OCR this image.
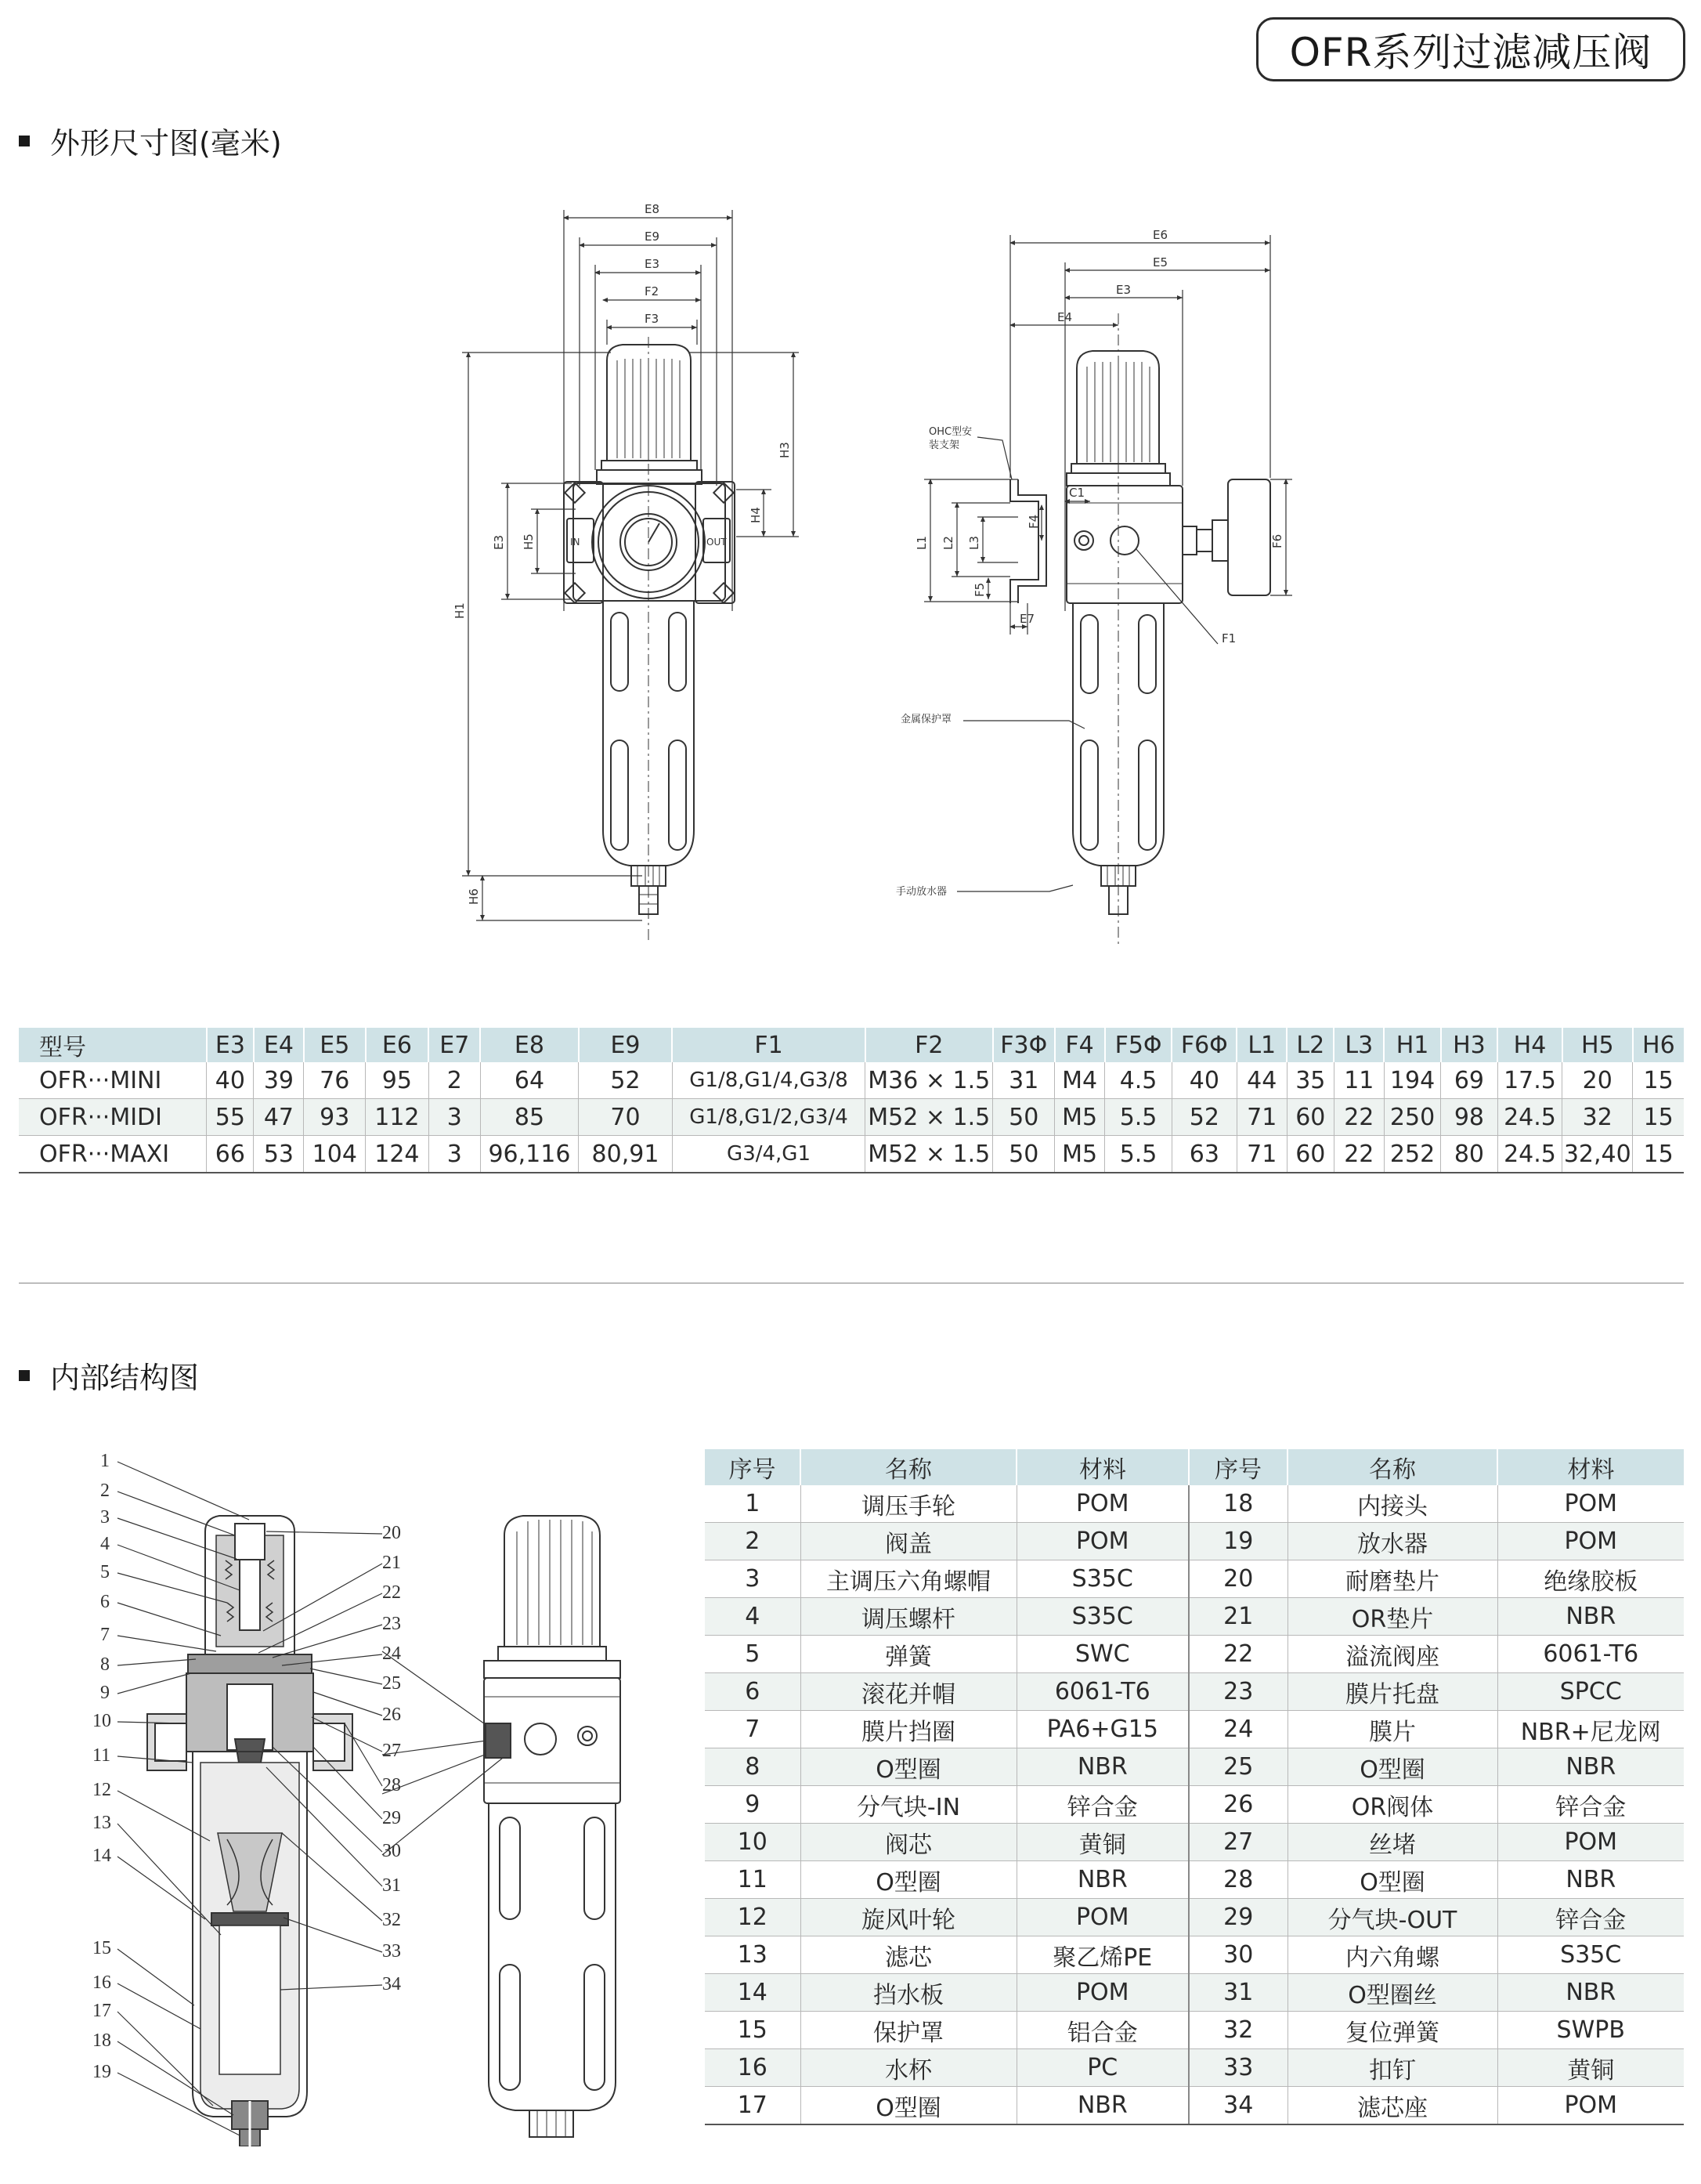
OFR系列过滤减压阀
外形尺寸图(毫米)
E8
E9
E3
F2
F3
H3
H4
H5
E3
H1
H6
IN	OUT
E6
E5
E3
E4
C1
F4
L1 L2 L3
F5
E7
F6
F1
OHC型安
装支架
金属保护罩
手动放水器
型号	E3	E4	E5	E6	E7	E8	E9	F1	F2	F3Φ	F4	F5Φ	F6Φ	L1	L2	L3	H1	H3	H4	H5	H6
OFR···MINI	40	39	76	95	2	64	52	G1/8,G1/4,G3/8	M36 × 1.5	31	M4	4.5	40	44	35	11	194	69	17.5	20	15
OFR···MIDI	55	47	93	112	3	85	70	G1/8,G1/2,G3/4	M52 × 1.5	50	M5	5.5	52	71	60	22	250	98	24.5	32	15
OFR···MAXI	66	53	104	124	3	96,116	80,91	G3/4,G1	M52 × 1.5	50	M5	5.5	63	71	60	22	252	80	24.5	32,40	15
内部结构图
1
2
3
4
5
6
7
8
9
10
11
12
13
14
15
16
17
18
19
20
21
22
23
24
25
26
27
28
29
30
31
32
33
34
序号	名称	材料	序号	名称	材料
1	调压手轮	POM	18	内接头	POM
2	阀盖	POM	19	放水器	POM
3	主调压六角螺帽	S35C	20	耐磨垫片	绝缘胶板
4	调压螺杆	S35C	21	OR垫片	NBR
5	弹簧	SWC	22	溢流阀座	6061-T6
6	滚花并帽	6061-T6	23	膜片托盘	SPCC
7	膜片挡圈	PA6+G15	24	膜片	NBR+尼龙网
8	O型圈	NBR	25	O型圈	NBR
9	分气块-IN	锌合金	26	OR阀体	锌合金
10	阀芯	黄铜	27	丝堵	POM
11	O型圈	NBR	28	O型圈	NBR
12	旋风叶轮	POM	29	分气块-OUT	锌合金
13	滤芯	聚乙烯PE	30	内六角螺	S35C
14	挡水板	POM	31	O型圈丝	NBR
15	保护罩	铝合金	32	复位弹簧	SWPB
16	水杯	PC	33	扣钉	黄铜
17	O型圈	NBR	34	滤芯座	POM
